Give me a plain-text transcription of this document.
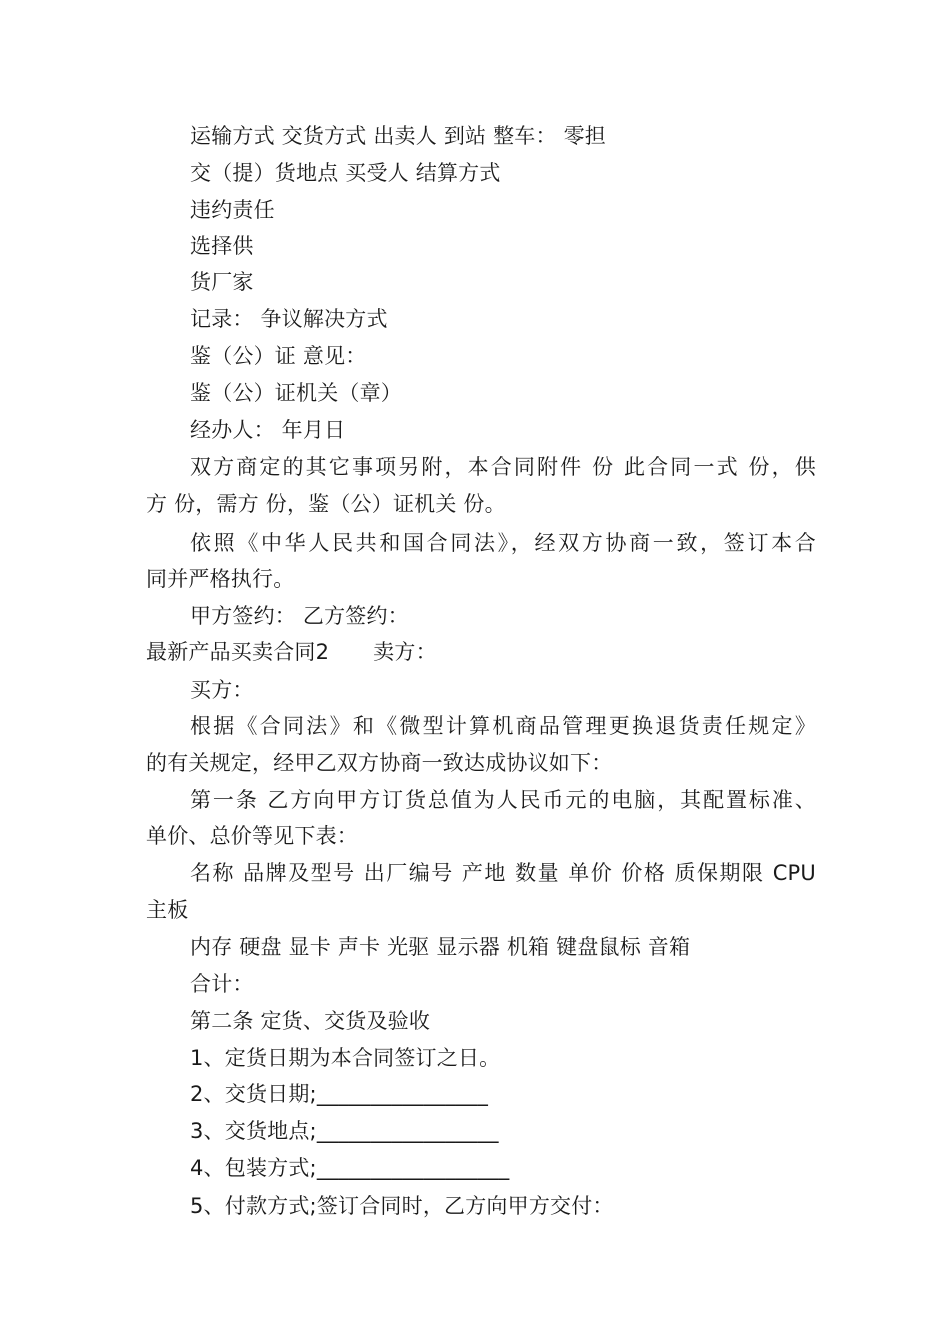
运输方式 交货方式 出卖人 到站 整车： 零担
交（提）货地点 买受人 结算方式
违约责任
选择供
货厂家
记录： 争议解决方式
鉴（公）证 意见：
鉴（公）证机关（章）
经办人： 年月日
双方商定的其它事项另附，本合同附件 份 此合同一式 份，供
方 份，需方 份，鉴（公）证机关 份。
依照《中华人民共和国合同法》，经双方协商一致，签订本合
同并严格执行。
甲方签约： 乙方签约：
最新产品买卖合同2 卖方：
买方：
根据《合同法》和《微型计算机商品管理更换退货责任规定》
的有关规定，经甲乙双方协商一致达成协议如下：
第一条 乙方向甲方订货总值为人民币元的电脑，其配置标准、
单价、总价等见下表：
名称 品牌及型号 出厂编号 产地 数量 单价 价格 质保期限 CPU
主板
内存 硬盘 显卡 声卡 光驱 显示器 机箱 键盘鼠标 音箱
合计：
第二条 定货、交货及验收
1、定货日期为本合同签订之日。
2、交货日期;________________
3、交货地点;_________________
4、包装方式;__________________
5、付款方式;签订合同时，乙方向甲方交付：
